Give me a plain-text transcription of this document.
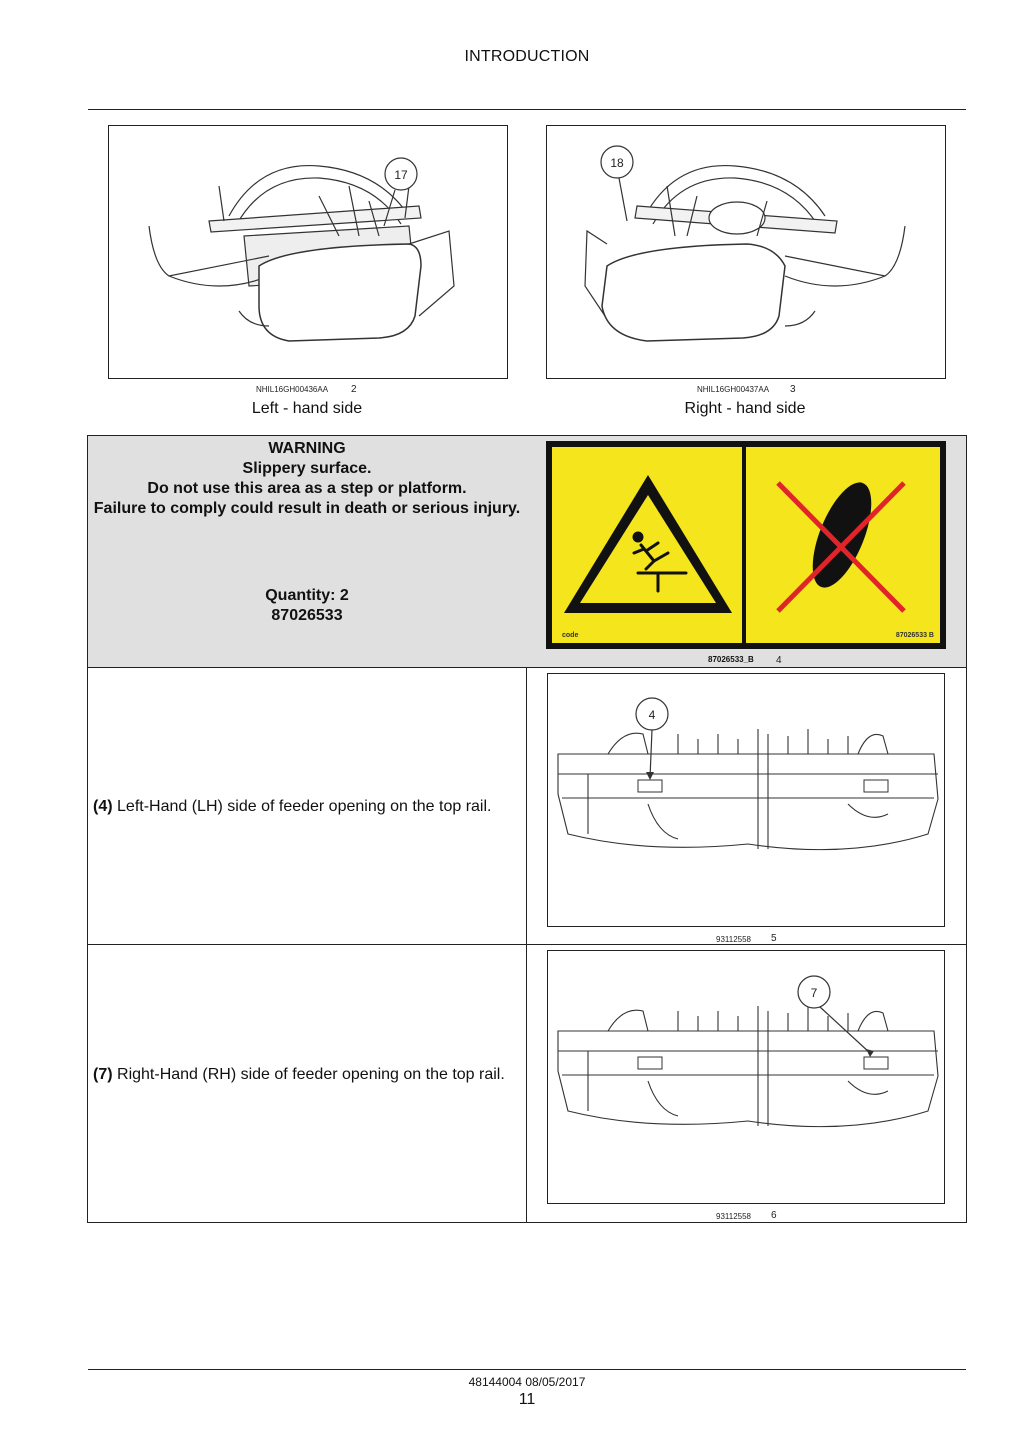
INTRODUCTION
17
NHIL16GH00436AA 2
Left - hand side
18
NHIL16GH00437AA 3
Right - hand side
WARNING
Slippery surface.
Do not use this area as a step or platform.
Failure to comply could result in death or serious injury.
Quantity: 2
87026533
code	87026533 B
87026533_B 4
(4) Left-Hand (LH) side of feeder opening on the top rail.
4
93112558 5
(7) Right-Hand (RH) side of feeder opening on the top rail.
7
93112558 6
48144004 08/05/2017
11
